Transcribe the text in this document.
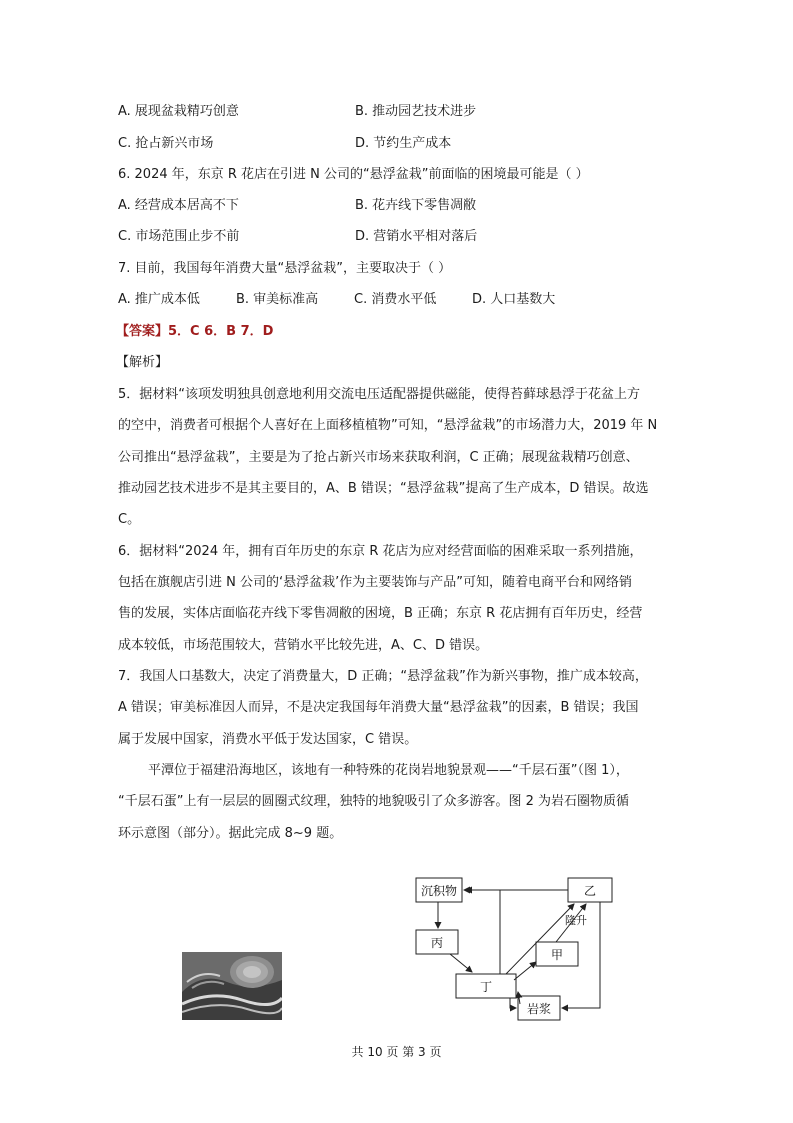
A. 展现盆栽精巧创意	B. 推动园艺技术进步
C. 抢占新兴市场	D. 节约生产成本
6. 2024 年，东京 R 花店在引进 N 公司的“悬浮盆栽”前面临的困境最可能是（ ）
A. 经营成本居高不下	B. 花卉线下零售凋敝
C. 市场范围止步不前	D. 营销水平相对落后
7. 目前，我国每年消费大量“悬浮盆栽”，主要取决于（ ）
A. 推广成本低	B. 审美标准高	C. 消费水平低	D. 人口基数大
【答案】5．C 6．B 7．D
【解析】
5．据材料“该项发明独具创意地利用交流电压适配器提供磁能，使得苔藓球悬浮于花盆上方
的空中，消费者可根据个人喜好在上面移植植物”可知，“悬浮盆栽”的市场潜力大，2019 年 N
公司推出“悬浮盆栽”，主要是为了抢占新兴市场来获取利润，C 正确；展现盆栽精巧创意、
推动园艺技术进步不是其主要目的，A、B 错误；“悬浮盆栽”提高了生产成本，D 错误。故选
C。
6．据材料“2024 年，拥有百年历史的东京 R 花店为应对经营面临的困难采取一系列措施，
包括在旗舰店引进 N 公司的‘悬浮盆栽’作为主要装饰与产品”可知，随着电商平台和网络销
售的发展，实体店面临花卉线下零售凋敝的困境，B 正确；东京 R 花店拥有百年历史，经营
成本较低，市场范围较大，营销水平比较先进，A、C、D 错误。
7．我国人口基数大，决定了消费量大，D 正确；“悬浮盆栽”作为新兴事物，推广成本较高，
A 错误；审美标准因人而异，不是决定我国每年消费大量“悬浮盆栽”的因素，B 错误；我国
属于发展中国家，消费水平低于发达国家，C 错误。
平潭位于福建沿海地区，该地有一种特殊的花岗岩地貌景观——“千层石蛋”（图 1），
“千层石蛋”上有一层层的圆圈式纹理，独特的地貌吸引了众多游客。图 2 为岩石圈物质循
环示意图（部分）。据此完成 8~9 题。
沉积物	乙
丙
甲
丁
岩浆
隆升
共 10 页 第 3 页
